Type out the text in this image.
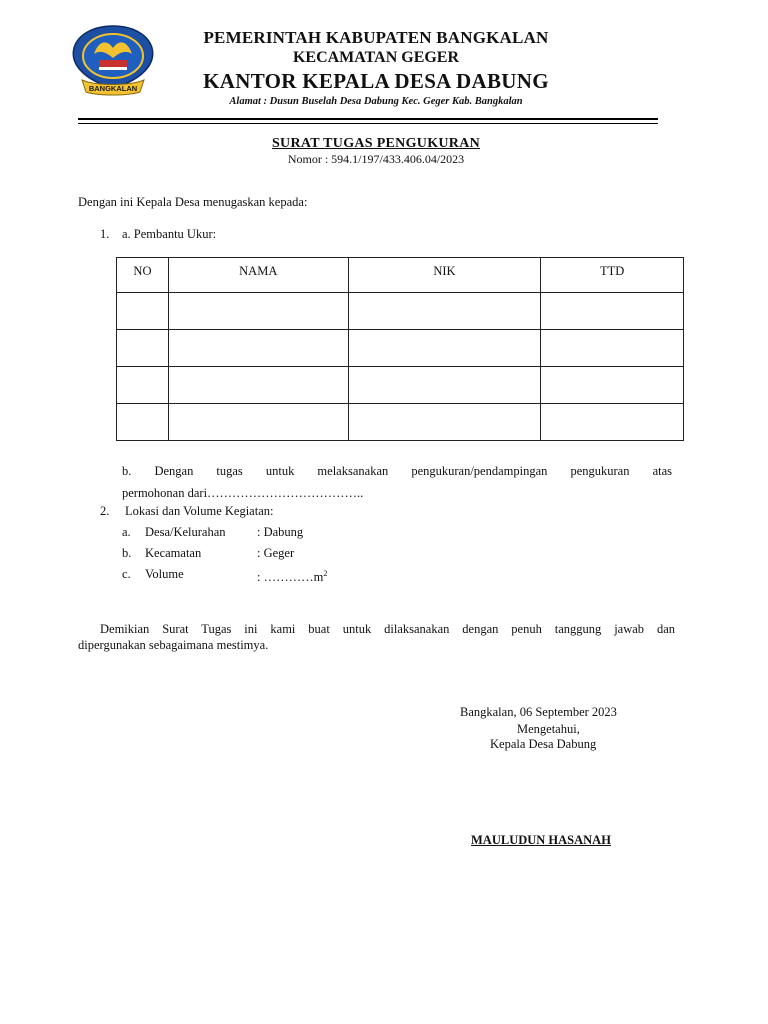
BANGKALAN
PEMERINTAH KABUPATEN BANGKALAN
KECAMATAN GEGER
KANTOR KEPALA DESA DABUNG
Alamat : Dusun Buselah Desa Dabung Kec. Geger Kab. Bangkalan
SURAT TUGAS PENGUKURAN
Nomor : 594.1/197/433.406.04/2023
Dengan ini Kepala Desa menugaskan kepada:
1. a. Pembantu Ukur:
NO	NAMA	NIK	TTD

b. Dengan tugas untuk melaksanakan pengukuran/pendampingan pengukuran atas
permohonan dari………………………………..
2. Lokasi dan Volume Kegiatan:
a. Desa/Kelurahan	: Dabung
b. Kecamatan	: Geger
c. Volume	: $\dots\dots\dots\dots m^2$
Demikian Surat Tugas ini kami buat untuk dilaksanakan dengan penuh tanggung jawab dan
dipergunakan sebagaimana mestimya.
Bangkalan, 06 September 2023
Mengetahui,
Kepala Desa Dabung
MAULUDUN HASANAH
